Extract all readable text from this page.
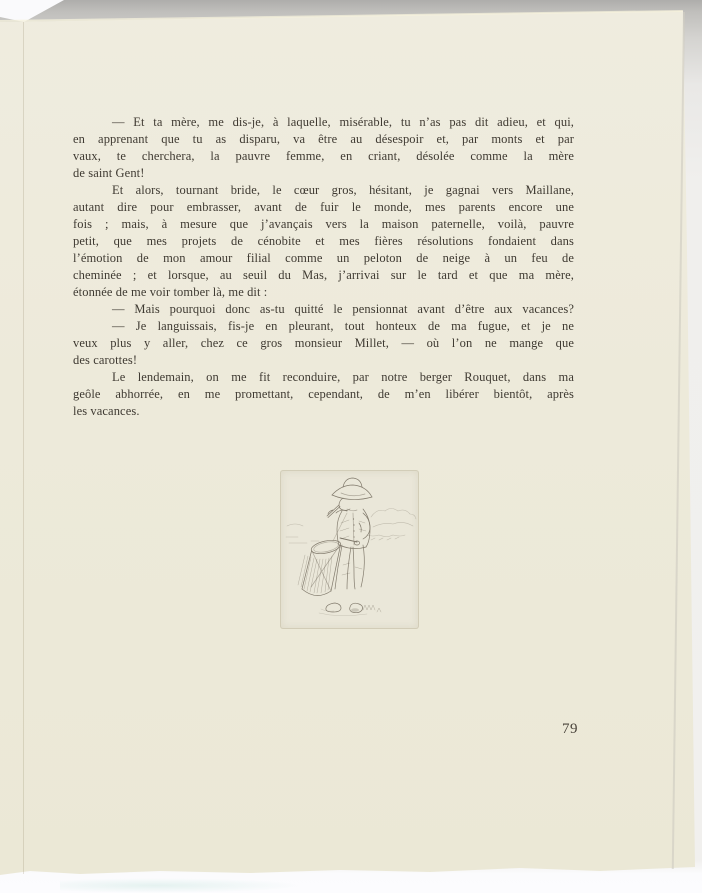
— Et ta mère, me dis-je, à laquelle, misérable, tu n’as pas dit adieu, et qui,
en apprenant que tu as disparu, va être au désespoir et, par monts et par
vaux, te cherchera, la pauvre femme, en criant, désolée comme la mère
de saint Gent!
Et alors, tournant bride, le cœur gros, hésitant, je gagnai vers Maillane,
autant dire pour embrasser, avant de fuir le monde, mes parents encore une
fois ; mais, à mesure que j’avançais vers la maison paternelle, voilà, pauvre
petit, que mes projets de cénobite et mes fières résolutions fondaient dans
l’émotion de mon amour filial comme un peloton de neige à un feu de
cheminée ; et lorsque, au seuil du Mas, j’arrivai sur le tard et que ma mère,
étonnée de me voir tomber là, me dit :
— Mais pourquoi donc as-tu quitté le pensionnat avant d’être aux vacances?
— Je languissais, fis-je en pleurant, tout honteux de ma fugue, et je ne
veux plus y aller, chez ce gros monsieur Millet, — où l’on ne mange que
des carottes!
Le lendemain, on me fit reconduire, par notre berger Rouquet, dans ma
geôle abhorrée, en me promettant, cependant, de m’en libérer bientôt, après
les vacances.
79
